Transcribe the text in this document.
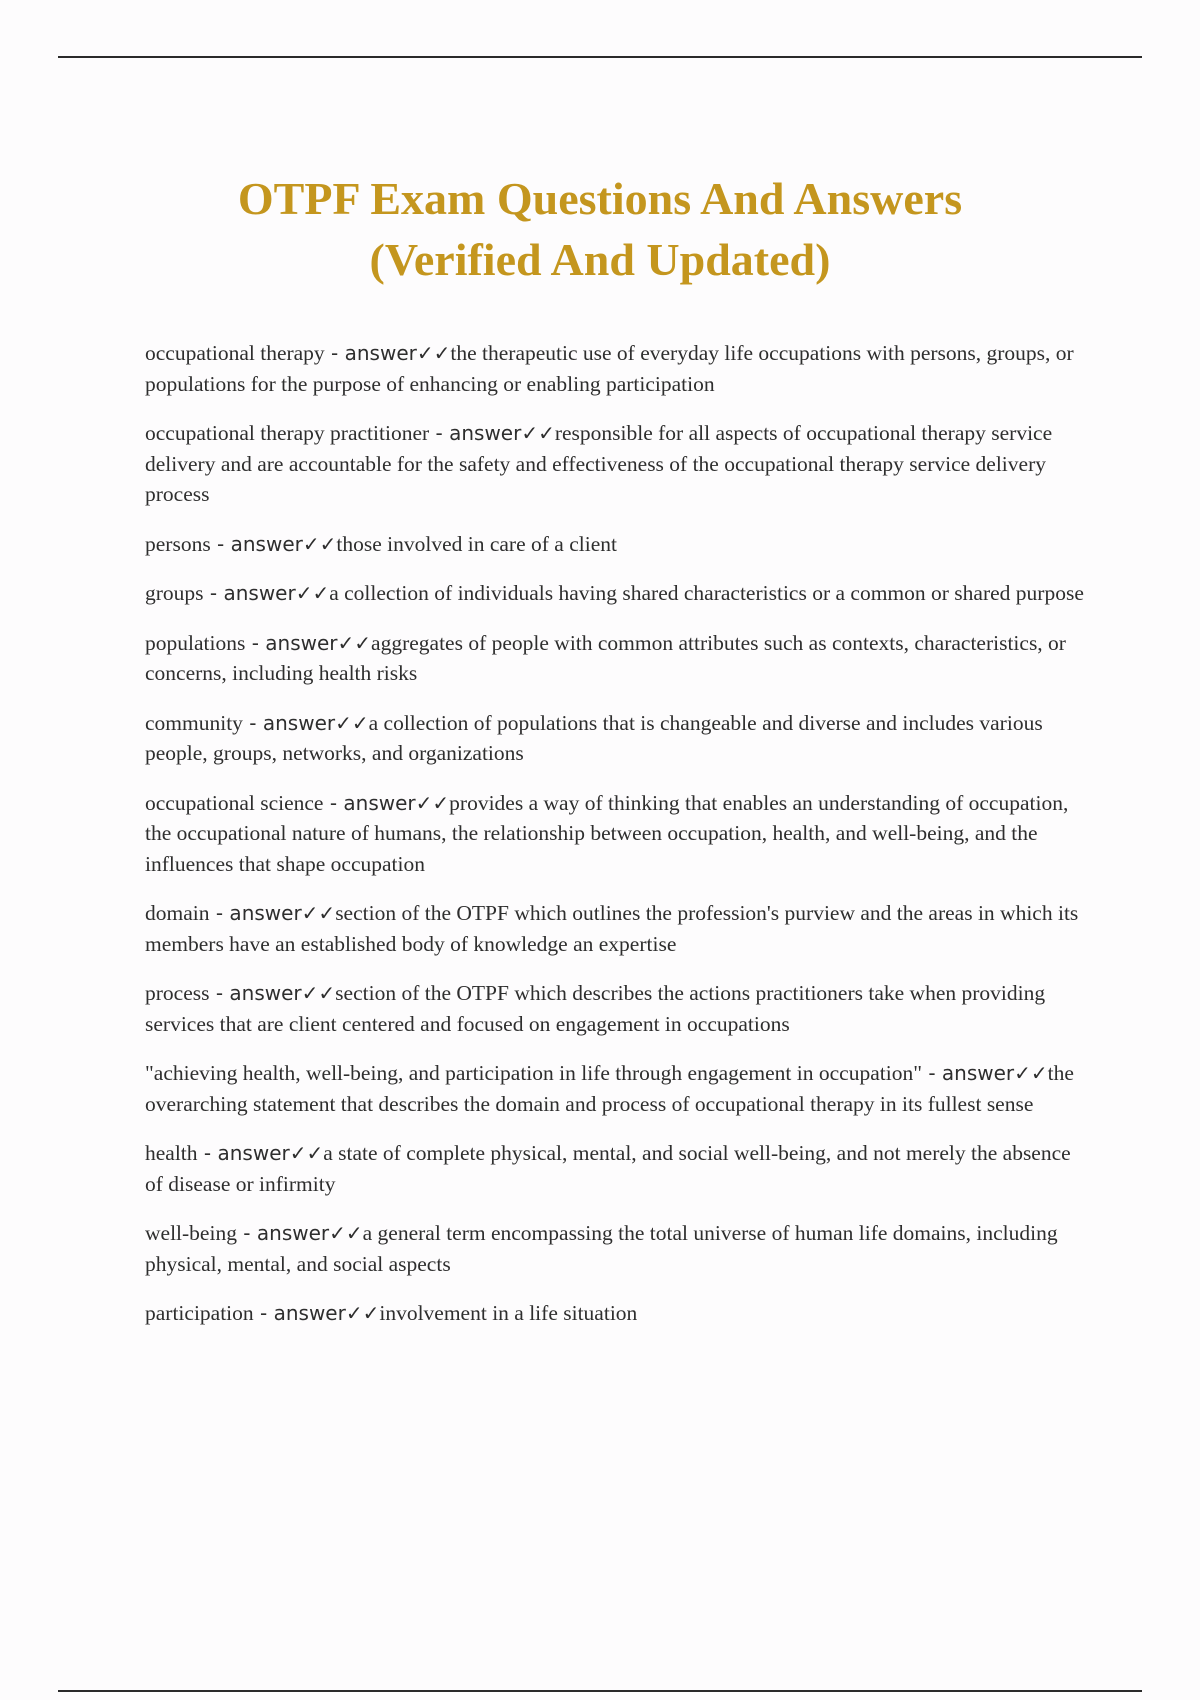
OTPF Exam Questions And Answers
(Verified And Updated)

occupational therapy - answer✓✓the therapeutic use of everyday life occupations with persons, groups, or populations for the purpose of enhancing or enabling participation

occupational therapy practitioner - answer✓✓responsible for all aspects of occupational therapy service delivery and are accountable for the safety and effectiveness of the occupational therapy service delivery process

persons - answer✓✓those involved in care of a client

groups - answer✓✓a collection of individuals having shared characteristics or a common or shared purpose

populations - answer✓✓aggregates of people with common attributes such as contexts, characteristics, or concerns, including health risks

community - answer✓✓a collection of populations that is changeable and diverse and includes various people, groups, networks, and organizations

occupational science - answer✓✓provides a way of thinking that enables an understanding of occupation, the occupational nature of humans, the relationship between occupation, health, and well-being, and the influences that shape occupation

domain - answer✓✓section of the OTPF which outlines the profession's purview and the areas in which its members have an established body of knowledge an expertise

process - answer✓✓section of the OTPF which describes the actions practitioners take when providing services that are client centered and focused on engagement in occupations

"achieving health, well-being, and participation in life through engagement in occupation" - answer✓✓the overarching statement that describes the domain and process of occupational therapy in its fullest sense

health - answer✓✓a state of complete physical, mental, and social well-being, and not merely the absence of disease or infirmity

well-being - answer✓✓a general term encompassing the total universe of human life domains, including physical, mental, and social aspects

participation - answer✓✓involvement in a life situation
